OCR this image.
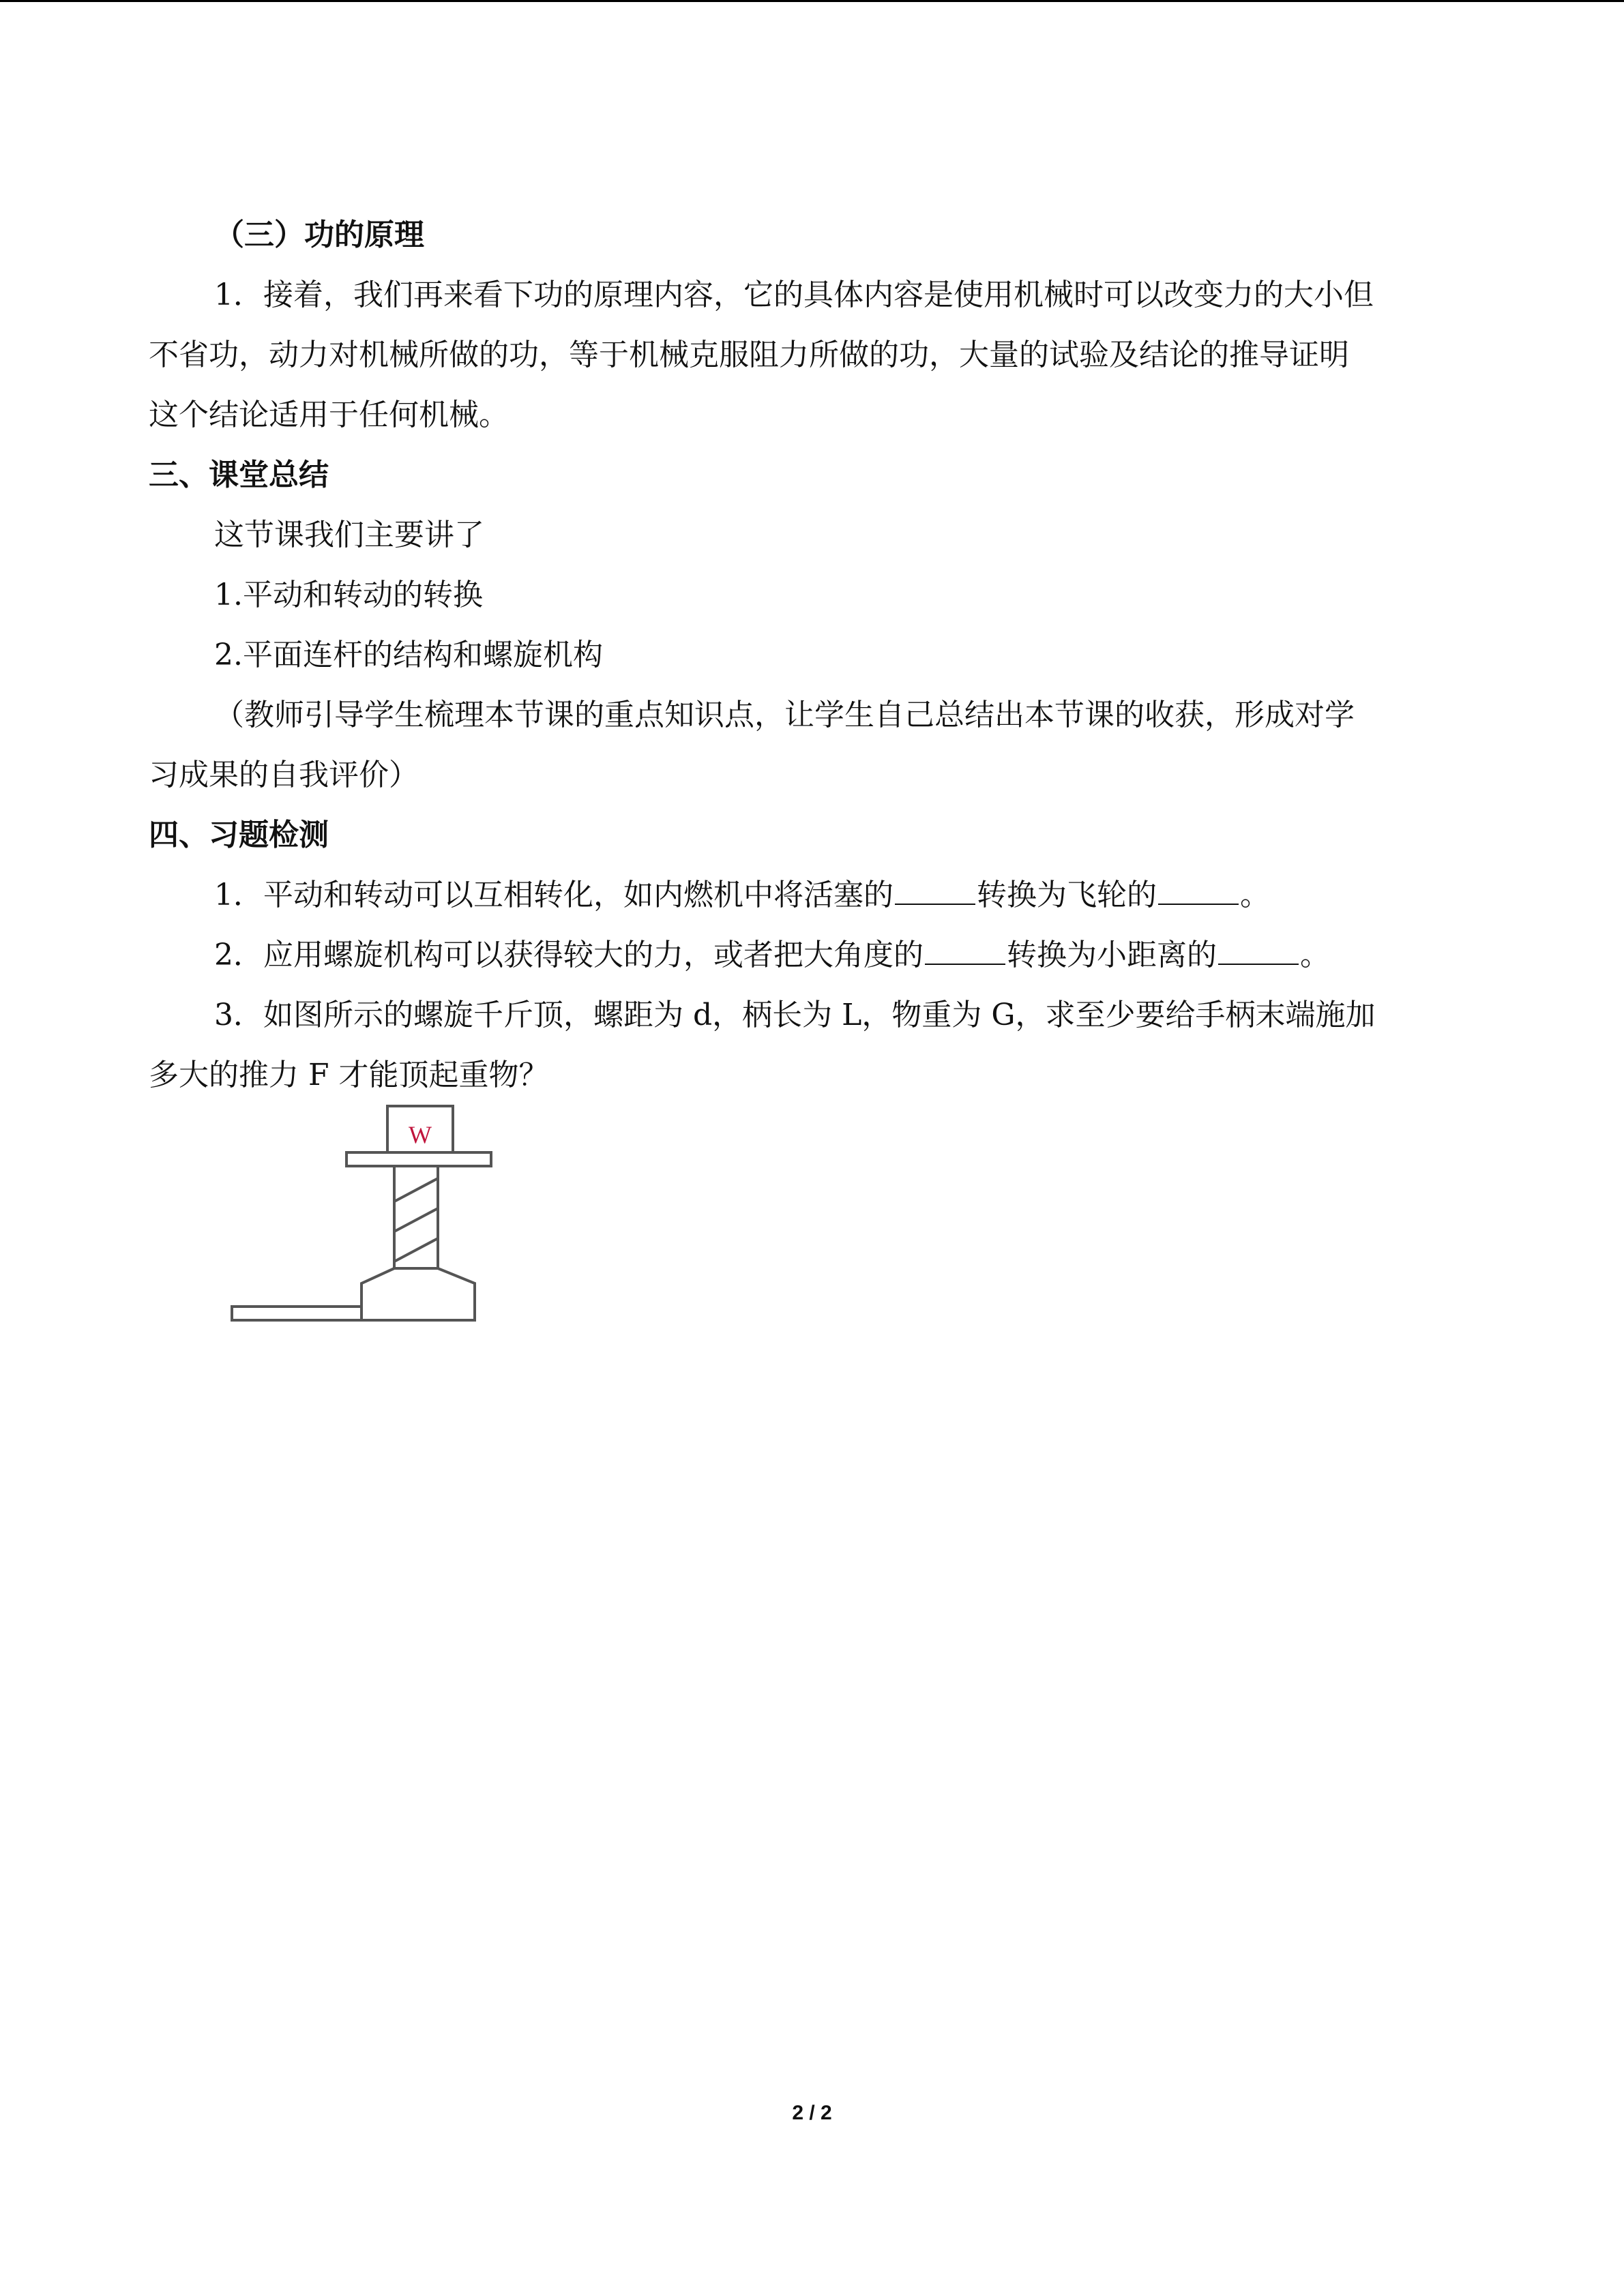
（三）功的原理
1．接着，我们再来看下功的原理内容，它的具体内容是使用机械时可以改变力的大小但
不省功，动力对机械所做的功，等于机械克服阻力所做的功，大量的试验及结论的推导证明
这个结论适用于任何机械。
三、课堂总结
这节课我们主要讲了
1.平动和转动的转换
2.平面连杆的结构和螺旋机构
（教师引导学生梳理本节课的重点知识点，让学生自己总结出本节课的收获，形成对学
习成果的自我评价）
四、习题检测
1．平动和转动可以互相转化，如内燃机中将活塞的	转换为飞轮的	。
2．应用螺旋机构可以获得较大的力，或者把大角度的	转换为小距离的	。
3．如图所示的螺旋千斤顶，螺距为 d，柄长为 L，物重为 G，求至少要给手柄末端施加
多大的推力 F 才能顶起重物？
W
2 / 2
